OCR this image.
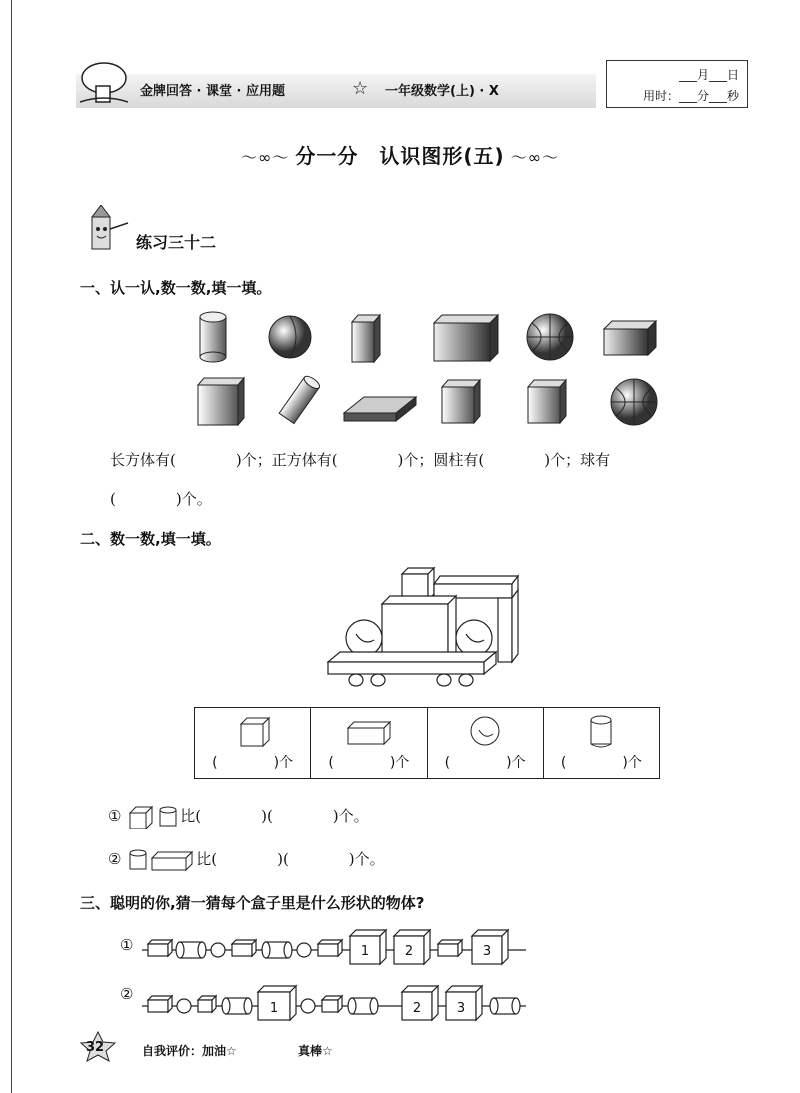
金牌回答 · 课堂 · 应用题	☆ 一年级数学(上) · X
___月___日
用时：___分___秒
〜∞〜 分一分　认识图形(五) 〜∞〜
练习三十二
一、认一认,数一数,填一填。
长方体有(　　　　)个；正方体有(　　　　)个；圆柱有(　　　　)个；球有
(　　　　)个。
二、数一数,填一填。
(　　　　)个	(　　　　)个	(　　　　)个	(　　　　)个
①	比(　　　　)(　　　　)个。
②	比(　　　　)(　　　　)个。
三、聪明的你,猜一猜每个盒子里是什么形状的物体?
①	1	2	3
②
1	2	3
32	自我评价：加油☆	真棒☆
